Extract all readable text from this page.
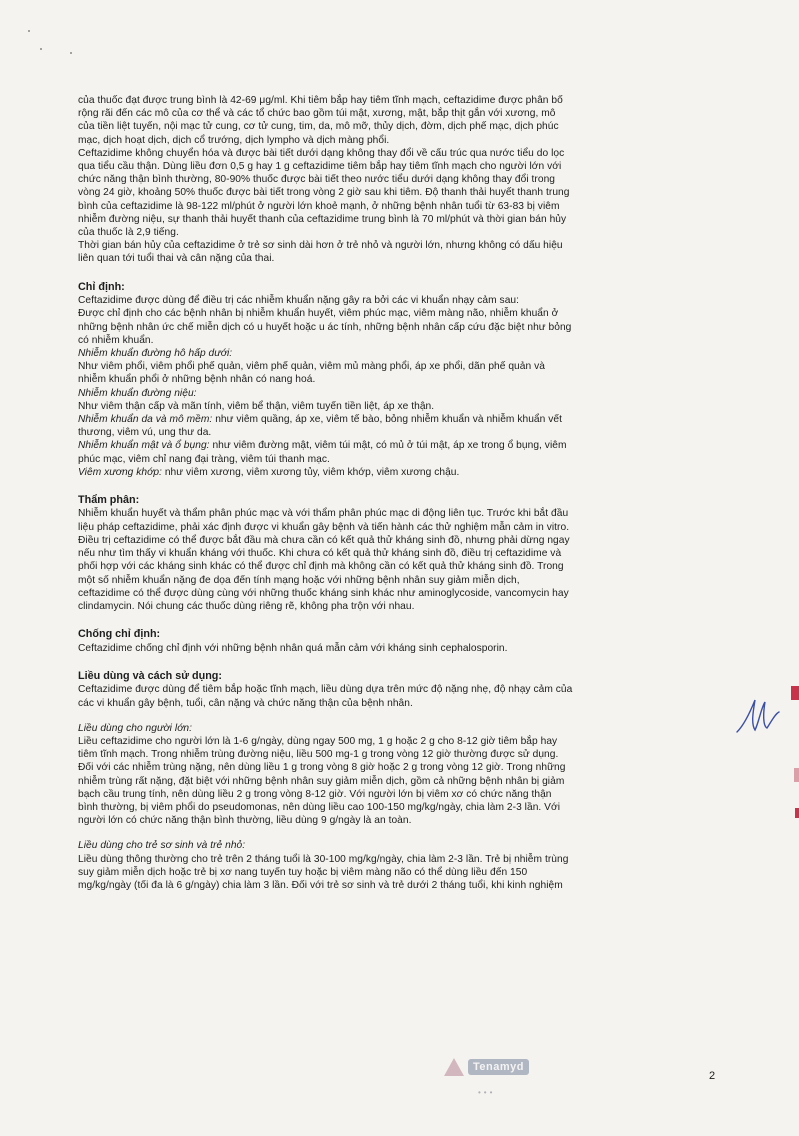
của thuốc đạt được trung bình là 42-69 μg/ml. Khi tiêm bắp hay tiêm tĩnh mạch, ceftazidime được phân bố

rộng rãi đến các mô của cơ thể và các tổ chức bao gồm túi mật, xương, mật, bắp thịt gắn với xương, mô

của tiền liệt tuyến, nội mạc tử cung, cơ tử cung, tim, da, mô mỡ, thủy dịch, đờm, dịch phế mạc, dịch phúc

mạc, dịch hoạt dịch, dịch cổ trướng, dịch lympho và dịch màng phổi.

Ceftazidime không chuyển hóa và được bài tiết dưới dạng không thay đổi về cấu trúc qua nước tiểu do lọc

qua tiểu cầu thận. Dùng liều đơn 0,5 g hay 1 g ceftazidime tiêm bắp hay tiêm tĩnh mạch cho người lớn với

chức năng thận bình thường, 80-90% thuốc được bài tiết theo nước tiểu dưới dạng không thay đổi trong

vòng 24 giờ, khoảng 50% thuốc được bài tiết trong vòng 2 giờ sau khi tiêm. Độ thanh thải huyết thanh trung

bình của ceftazidime là 98-122 ml/phút ở người lớn khoẻ mạnh, ở những bệnh nhân tuổi từ 63-83 bị viêm

nhiễm đường niệu, sự thanh thải huyết thanh của ceftazidime trung bình là 70 ml/phút và thời gian bán hủy

của thuốc là 2,9 tiếng.

Thời gian bán hủy của ceftazidime ở trẻ sơ sinh dài hơn ở trẻ nhỏ và người lớn, nhưng không có dấu hiệu

liên quan tới tuổi thai và cân nặng của thai.

Chỉ định:

Ceftazidime được dùng để điều trị các nhiễm khuẩn nặng gây ra bởi các vi khuẩn nhạy cảm sau:

Được chỉ định cho các bệnh nhân bị nhiễm khuẩn huyết, viêm phúc mạc, viêm màng não, nhiễm khuẩn ở

những bệnh nhân ức chế miễn dịch có u huyết hoặc u ác tính, những bệnh nhân cấp cứu đặc biệt như bỏng

có nhiễm khuẩn.

Nhiễm khuẩn đường hô hấp dưới:

Như viêm phổi, viêm phổi phế quản, viêm phế quản, viêm mủ màng phổi, áp xe phổi, dãn phế quản và

nhiễm khuẩn phổi ở những bệnh nhân có nang hoá.

Nhiễm khuẩn đường niệu:

Như viêm thận cấp và mãn tính, viêm bể thận, viêm tuyến tiền liệt, áp xe thận.

Nhiễm khuẩn da và mô mềm: như viêm quầng, áp xe, viêm tế bào, bỏng nhiễm khuẩn và nhiễm khuẩn vết

thương, viêm vú, ung thư da.

Nhiễm khuẩn mật và ổ bụng: như viêm đường mật, viêm túi mật, có mủ ở túi mật, áp xe trong ổ bụng, viêm

phúc mạc, viêm chỉ nang đại tràng, viêm túi thanh mạc.

Viêm xương khớp: như viêm xương, viêm xương tủy, viêm khớp, viêm xương chậu.

Thẩm phân:

Nhiễm khuẩn huyết và thẩm phân phúc mạc và với thẩm phân phúc mạc di động liên tục. Trước khi bắt đầu

liệu pháp ceftazidime, phải xác định được vi khuẩn gây bệnh và tiến hành các thử nghiệm mẫn cảm in vitro.

Điều trị ceftazidime có thể được bắt đầu mà chưa cần có kết quả thử kháng sinh đồ, nhưng phải dừng ngay

nếu như tìm thấy vi khuẩn kháng với thuốc. Khi chưa có kết quả thử kháng sinh đồ, điều trị ceftazidime và

phối hợp với các kháng sinh khác có thể được chỉ định mà không cần có kết quả thử kháng sinh đồ. Trong

một số nhiễm khuẩn nặng đe dọa đến tính mạng hoặc với những bệnh nhân suy giảm miễn dịch,

ceftazidime có thể được dùng cùng với những thuốc kháng sinh khác như aminoglycoside, vancomycin hay

clindamycin. Nói chung các thuốc dùng riêng rẽ, không pha trộn với nhau.

Chống chỉ định:

Ceftazidime chống chỉ định với những bệnh nhân quá mẫn cảm với kháng sinh cephalosporin.

Liều dùng và cách sử dụng:

Ceftazidime được dùng để tiêm bắp hoặc tĩnh mạch, liều dùng dựa trên mức độ nặng nhẹ, độ nhạy cảm của

các vi khuẩn gây bệnh, tuổi, cân nặng và chức năng thận của bệnh nhân.

Liều dùng cho người lớn:

Liều ceftazidime cho người lớn là 1-6 g/ngày, dùng ngay 500 mg, 1 g hoặc 2 g cho 8-12 giờ tiêm bắp hay

tiêm tĩnh mạch. Trong nhiễm trùng đường niệu, liều 500 mg-1 g trong vòng 12 giờ thường được sử dụng.

Đối với các nhiễm trùng nặng, nên dùng liều 1 g trong vòng 8 giờ hoặc 2 g trong vòng 12 giờ. Trong những

nhiễm trùng rất nặng, đặt biệt với những bệnh nhân suy giảm miễn dịch, gồm cả những bệnh nhân bị giảm

bạch cầu trung tính, nên dùng liều 2 g trong vòng 8-12 giờ. Với người lớn bị viêm xơ có chức năng thận

bình thường, bị viêm phổi do pseudomonas, nên dùng liều cao 100-150 mg/kg/ngày, chia làm 2-3 lần. Với

người lớn có chức năng thận bình thường, liều dùng 9 g/ngày là an toàn.

Liều dùng cho trẻ sơ sinh và trẻ nhỏ:

Liều dùng thông thường cho trẻ trên 2 tháng tuổi là 30-100 mg/kg/ngày, chia làm 2-3 lần. Trẻ bị nhiễm trùng

suy giảm miễn dịch hoặc trẻ bị xơ nang tuyến tuy hoặc bị viêm màng não có thể dùng liều đến 150

mg/kg/ngày (tối đa là 6 g/ngày) chia làm 3 lần. Đối với trẻ sơ sinh và trẻ dưới 2 tháng tuổi, khi kinh nghiệm

Tenamyd
•••
2
